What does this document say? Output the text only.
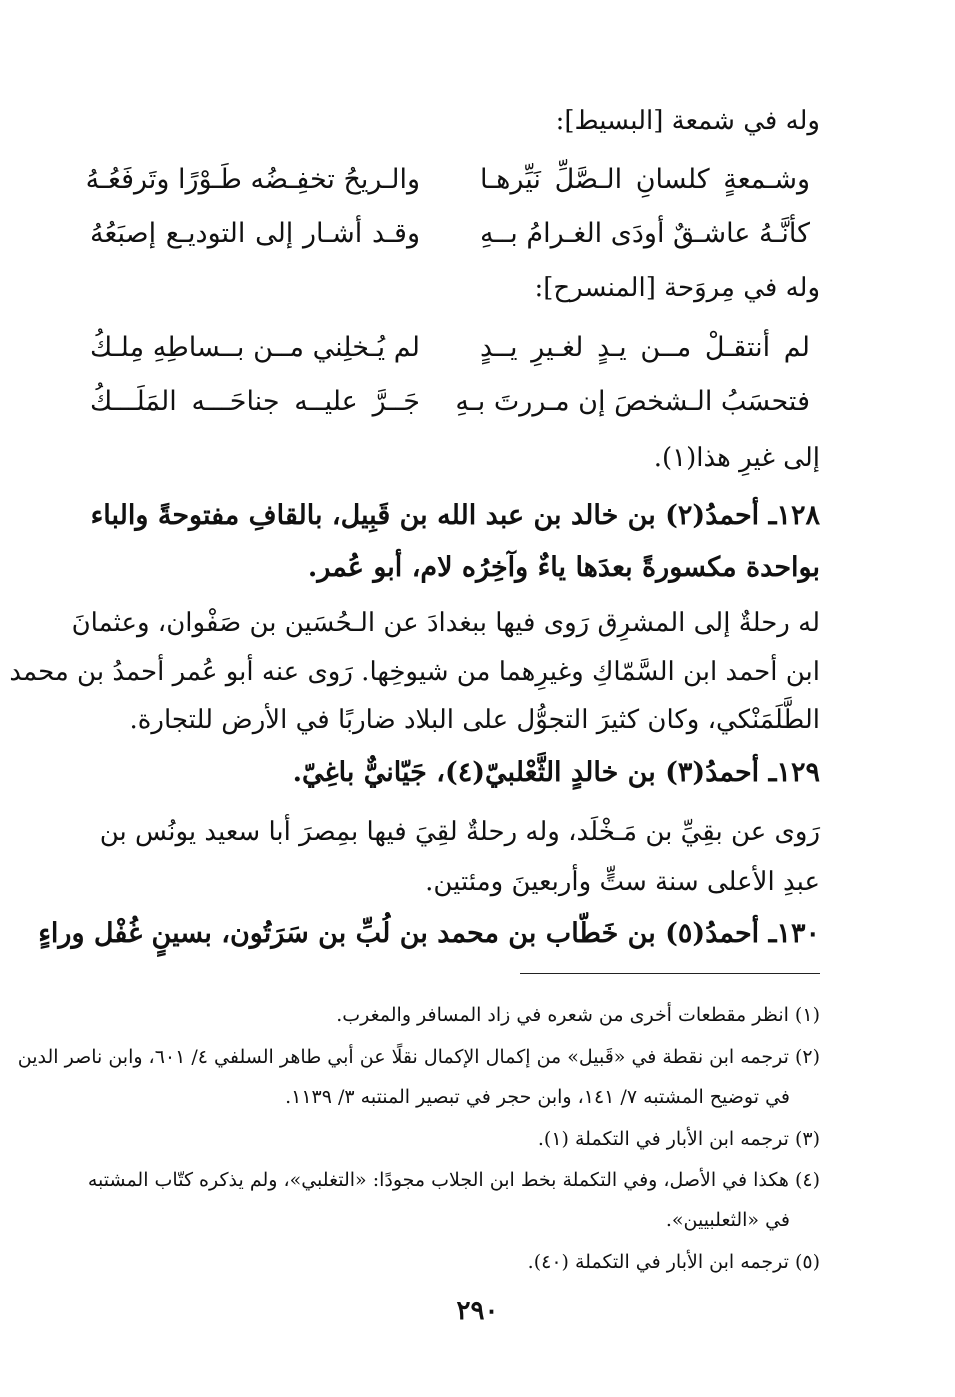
وله في شمعة [البسيط]:
وشـمعةٍ كلسانِ الـصَّلِّ نَيِّرهـا
والـريحُ تخفِـضُه طَـوْرًا وتَرفَعُـهُ
كأنَّـهُ عاشـقٌ أودَى الغـرامُ بــهِ
وقـد أشـار إلى التوديـع إصبَعُهُ
وله في مِروَحة [المنسرح]:
لم أنتقـلْ مــن يـدٍ لغـيرِ يــدٍ
لم يُـخلِني مــن بــساطِهِ مِلـكُ
فتحسَبُ الـشخصَ إن مـررتَ بـهِ
جَــرَّ عليــه جناحَـــه المَلَـــكُ
إلى غيرِ هذا(١).
١٢٨ـ أحمدُ(٢) بن خالد بن عبد الله بن قَبِيل، بالقافِ مفتوحةً والباء
بواحدة مكسورةً بعدَها ياءٌ وآخِرُه لام، أبو عُمر.
له رحلةٌ إلى المشرِق رَوى فيها ببغدادَ عن الـحُسَين بن صَفْوان، وعثمانَ
ابن أحمد ابن السَّمّاكِ وغيرِهما من شيوخِها. رَوى عنه أبو عُمر أحمدُ بن محمد
الطَّلَمَنْكي، وكان كثيرَ التجوُّل على البلاد ضاربًا في الأرض للتجارة.
١٢٩ـ أحمدُ(٣) بن خالدٍ الثَّعْلبيّ(٤)، جَيّانيٌّ باغِيّ.
رَوى عن بقِيِّ بن مَـخْلَد، وله رحلةٌ لقِيَ فيها بمِصرَ أبا سعيد يونُس بن
عبدِ الأعلى سنة ستٍّ وأربعينَ ومئتين.
١٣٠ـ أحمدُ(٥) بن خَطّاب بن محمد بن لُبِّ بن سَرَتُون، بسينٍ غُفْل وراءٍ
(١) انظر مقطعات أخرى من شعره في زاد المسافر والمغرب.
(٢) ترجمه ابن نقطة في «قَبيل» من إكمال الإكمال نقلًا عن أبي طاهر السلفي ٤/ ٦٠١، وابن ناصر الدين
في توضيح المشتبه ٧/ ١٤١، وابن حجر في تبصير المنتبه ٣/ ١١٣٩.
(٣) ترجمه ابن الأبار في التكملة (١).
(٤) هكذا في الأصل، وفي التكملة بخط ابن الجلاب مجودًا: «التغلبي»، ولم يذكره كتّاب المشتبه
في «الثعلبيين».
(٥) ترجمه ابن الأبار في التكملة (٤٠).
٢٩٠
